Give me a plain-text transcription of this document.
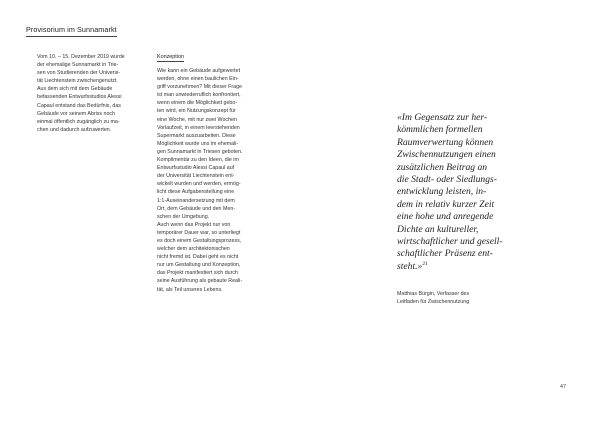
Provisorium im Sunnamarkt
Vom 10. – 15. Dezember 2019 wurde
der ehemalige Sunnamarkt in Trie-
sen von Studierenden der Universi-
tät Liechtenstein zwischengenutzt.
Aus dem sich mit dem Gebäude
befassenden Entwurfsstudios Alessi
Capaul entstand das Bedürfnis, das
Gebäude vor seinem Abriss noch
einmal öffentlich zugänglich zu ma-
chen und dadurch aufzuwerten.
Konzeption
Wie kann ein Gebäude aufgewertet
werden, ohne einen baulichen Ein-
griff vorzunehmen? Mit dieser Frage
ist man unwiederruflich konfrontiert,
wenn einem die Möglichkeit gebo-
ten wird, ein Nutzungskonzept für
eine Woche, mit nur zwei Wochen
Vorlaufzeit, in einem leerstehenden
Supermarkt auszuarbeiten. Diese
Möglichkeit wurde uns im ehemali-
gen Sunnamarkt in Triesen geboten.
Komplimentär zu den Ideen, die im
Entwurfsstudio Alessi Capaul auf
der Universität Liechtenstein ent-
wickelt wurden und werden, ermög-
licht diese Aufgabenstellung eine
1:1-Auseinandersetzung mit dem
Ort, dem Gebäude und den Men-
schen der Umgebung.
Auch wenn das Projekt nur von
temporärer Dauer war, so unterliegt
es doch einem Gestaltungsprozess,
welcher dem architektonischen
nicht fremd ist. Dabei geht es nicht
nur um Gestaltung und Konzeption,
das Projekt manifestiert sich durch
seine Ausführung als gebaute Reali-
tät, als Teil unseres Lebens.
«Im Gegensatz zur her-
kömmlichen formellen
Raumverwertung können
Zwischennutzungen einen
zusätzlichen Beitrag an
die Stadt- oder Siedlungs-
entwicklung leisten, in-
dem in relativ kurzer Zeit
eine hohe und anregende
Dichte an kultureller,
wirtschaftlicher und gesell-
schaftlicher Präsenz ent-
steht.»$^{21}$
Matthias Bürgin, Verfasser des
Leitfaden für Zwischennutzung
47
